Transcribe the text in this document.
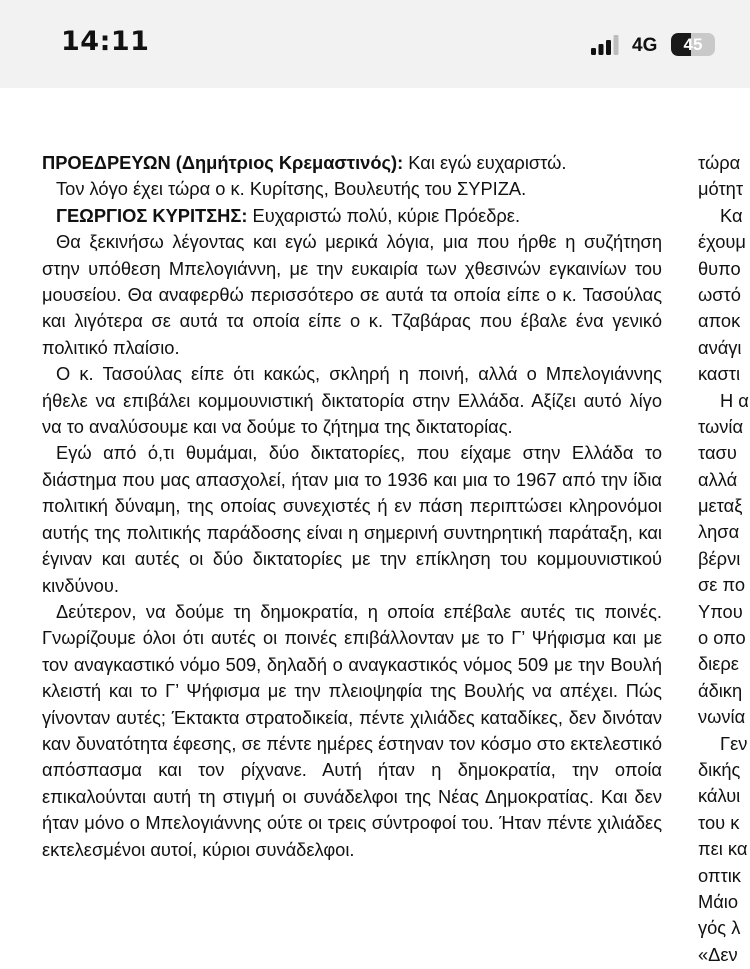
14:11	4G	45

ΠΡΟΕΔΡΕΥΩΝ (Δημήτριος Κρεμαστινός): Και εγώ ευχαριστώ.

Τον λόγο έχει τώρα ο κ. Κυρίτσης, Βουλευτής του ΣΥΡΙΖΑ.

ΓΕΩΡΓΙΟΣ ΚΥΡΙΤΣΗΣ: Ευχαριστώ πολύ, κύριε Πρόεδρε.

Θα ξεκινήσω λέγοντας και εγώ μερικά λόγια, μια που ήρθε η συζήτηση στην υπόθεση Μπελογιάννη, με την ευκαιρία των χθεσινών εγκαινίων του μουσείου. Θα αναφερθώ περισσότερο σε αυτά τα οποία είπε ο κ. Τασούλας και λιγότερα σε αυτά τα οποία είπε ο κ. Τζαβάρας που έβαλε ένα γενικό πολιτικό πλαίσιο.

Ο κ. Τασούλας είπε ότι κακώς, σκληρή η ποινή, αλλά ο Μπελογιάννης ήθελε να επιβάλει κομμουνιστική δικτατορία στην Ελλάδα. Αξίζει αυτό λίγο να το αναλύσουμε και να δούμε το ζήτημα της δικτατορίας.

Εγώ από ό,τι θυμάμαι, δύο δικτατορίες, που είχαμε στην Ελλάδα το διάστημα που μας απασχολεί, ήταν μια το 1936 και μια το 1967 από την ίδια πολιτική δύναμη, της οποίας συνεχιστές ή εν πάση περιπτώσει κληρονόμοι αυτής της πολιτικής παράδοσης είναι η σημερινή συντηρητική παράταξη, και έγιναν και αυτές οι δύο δικτατορίες με την επίκληση του κομμουνιστικού κινδύνου.

Δεύτερον, να δούμε τη δημοκρατία, η οποία επέβαλε αυτές τις ποινές. Γνωρίζουμε όλοι ότι αυτές οι ποινές επιβάλλονταν με το Γ’ Ψήφισμα και με τον αναγκαστικό νόμο 509, δηλαδή ο αναγκαστικός νόμος 509 με την Βουλή κλειστή και το Γ’ Ψήφισμα με την πλειοψηφία της Βουλής να απέχει. Πώς γίνονταν αυτές; Έκτακτα στρατοδικεία, πέντε χιλιάδες καταδίκες, δεν δινόταν καν δυνατότητα έφεσης, σε πέντε ημέρες έστηναν τον κόσμο στο εκτελεστικό απόσπασμα και τον ρίχνανε. Αυτή ήταν η δημοκρατία, την οποία επικαλούνται αυτή τη στιγμή οι συνάδελφοι της Νέας Δημοκρατίας. Και δεν ήταν μόνο ο Μπελογιάννης ούτε οι τρεις σύντροφοί του. Ήταν πέντε χιλιάδες εκτελεσμένοι αυτοί, κύριοι συνάδελφοι.

τώρα
μότητ
Κα
έχουμ
θυπο
ωστό
αποκ
ανάγι
καστι
Η α
τωνία
τασυ
αλλά
μεταξ
λησα
βέρνι
σε πο
Υπου
ο οπο
διερε
άδικη
νωνία
Γεν
δικής
κάλυι
του κ
πει κα
οπτικ
Μάιο
γός λ
«Δεν
